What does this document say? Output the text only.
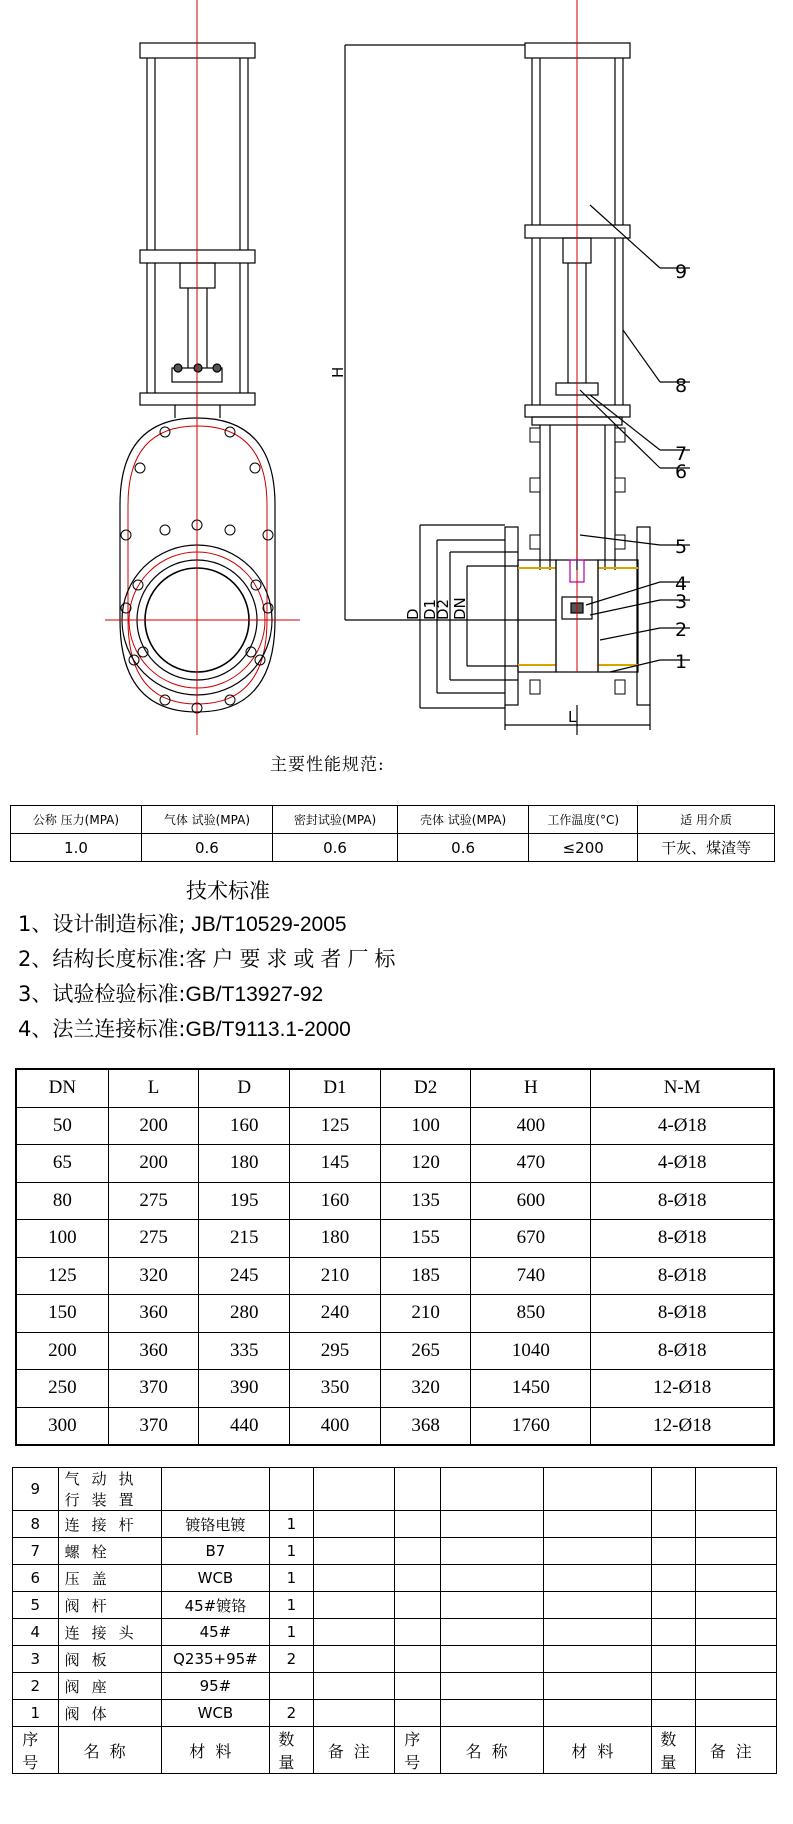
9
8
7
6
5
4
3
2
1
H
D D1
D2 DN
L
主要性能规范:
公称 压力(MPA)	气体 试验(MPA)	密封试验(MPA)	壳体 试验(MPA)	工作温度(°C)	适 用介质
1.0	0.6	0.6	0.6	≤200	干灰、煤渣等
技术标准
1、设计制造标准; JB/T10529-2005
2、结构长度标准:客户要求或者厂标
3、试验检验标准:GB/T13927-92
4、法兰连接标准:GB/T9113.1-2000
DN	L	D	D1	D2	H	N-M
50	200	160	125	100	400	4-Ø18
65	200	180	145	120	470	4-Ø18
80	275	195	160	135	600	8-Ø18
100	275	215	180	155	670	8-Ø18
125	320	245	210	185	740	8-Ø18
150	360	280	240	210	850	8-Ø18
200	360	335	295	265	1040	8-Ø18
250	370	390	350	320	1450	12-Ø18
300	370	440	400	368	1760	12-Ø18
9	气动执行装置								
8	连接杆	镀铬电镀	1						
7	螺栓	B7	1						
6	压盖	WCB	1						
5	阀杆	45#镀铬	1						
4	连接头	45#	1						
3	阀板	Q235+95#	2						
2	阀座	95#							
1	阀体	WCB	2						
序号	名称	材料	数量	备注	序号	名称	材料	数量	备注
